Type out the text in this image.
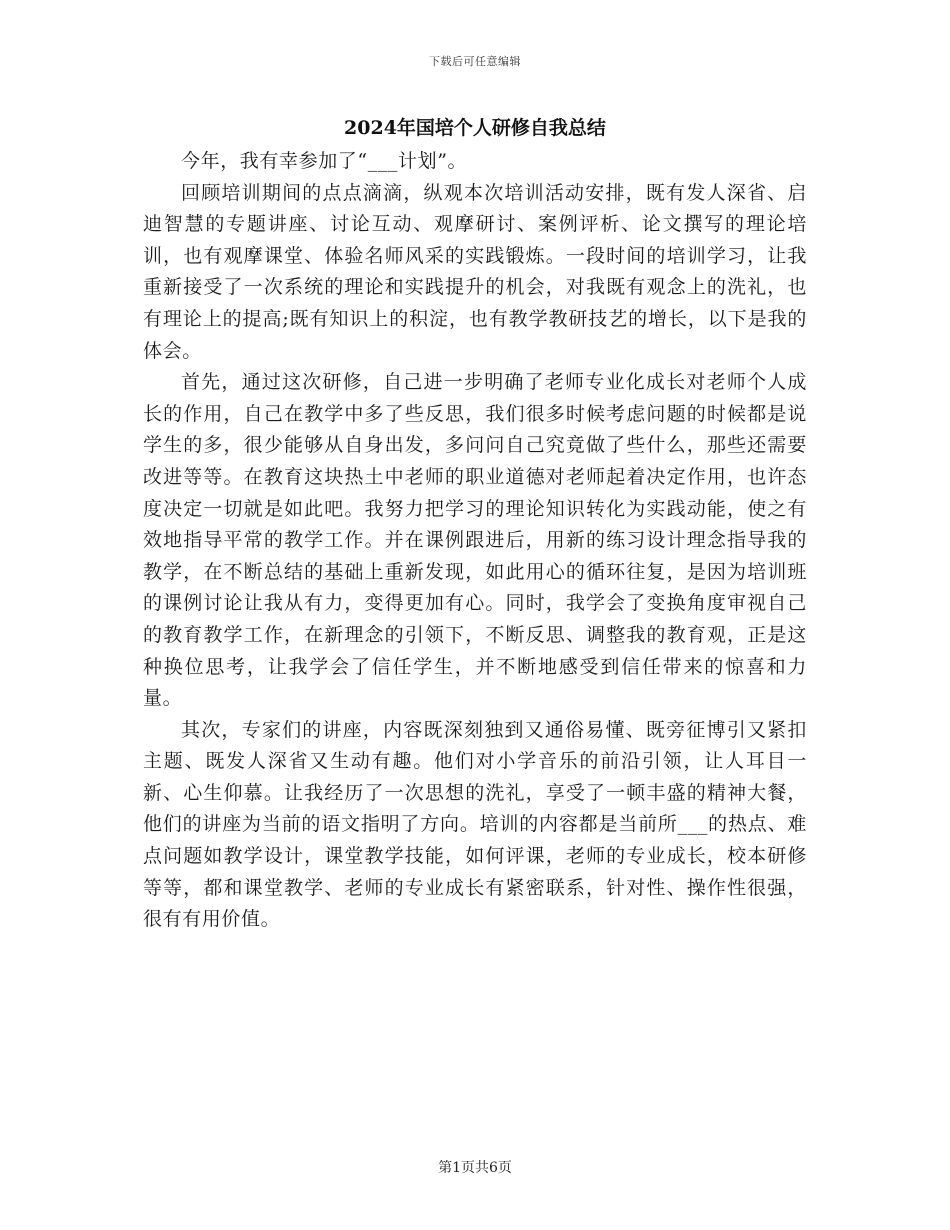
下载后可任意编辑
2024年国培个人研修自我总结

今年，我有幸参加了“___计划”。

回顾培训期间的点点滴滴，纵观本次培训活动安排，既有发人深省、启迪智慧的专题讲座、讨论互动、观摩研讨、案例评析、论文撰写的理论培训，也有观摩课堂、体验名师风采的实践锻炼。一段时间的培训学习，让我重新接受了一次系统的理论和实践提升的机会，对我既有观念上的洗礼，也有理论上的提高;既有知识上的积淀，也有教学教研技艺的增长，以下是我的体会。

首先，通过这次研修，自己进一步明确了老师专业化成长对老师个人成长的作用，自己在教学中多了些反思，我们很多时候考虑问题的时候都是说学生的多，很少能够从自身出发，多问问自己究竟做了些什么，那些还需要改进等等。在教育这块热土中老师的职业道德对老师起着决定作用，也许态度决定一切就是如此吧。我努力把学习的理论知识转化为实践动能，使之有效地指导平常的教学工作。并在课例跟进后，用新的练习设计理念指导我的教学，在不断总结的基础上重新发现，如此用心的循环往复，是因为培训班的课例讨论让我从有力，变得更加有心。同时，我学会了变换角度审视自己的教育教学工作，在新理念的引领下，不断反思、调整我的教育观，正是这种换位思考，让我学会了信任学生，并不断地感受到信任带来的惊喜和力量。

其次，专家们的讲座，内容既深刻独到又通俗易懂、既旁征博引又紧扣主题、既发人深省又生动有趣。他们对小学音乐的前沿引领，让人耳目一新、心生仰慕。让我经历了一次思想的洗礼，享受了一顿丰盛的精神大餐，他们的讲座为当前的语文指明了方向。培训的内容都是当前所___的热点、难点问题如教学设计，课堂教学技能，如何评课，老师的专业成长，校本研修等等，都和课堂教学、老师的专业成长有紧密联系，针对性、操作性很强，很有有用价值。

第1页共6页
